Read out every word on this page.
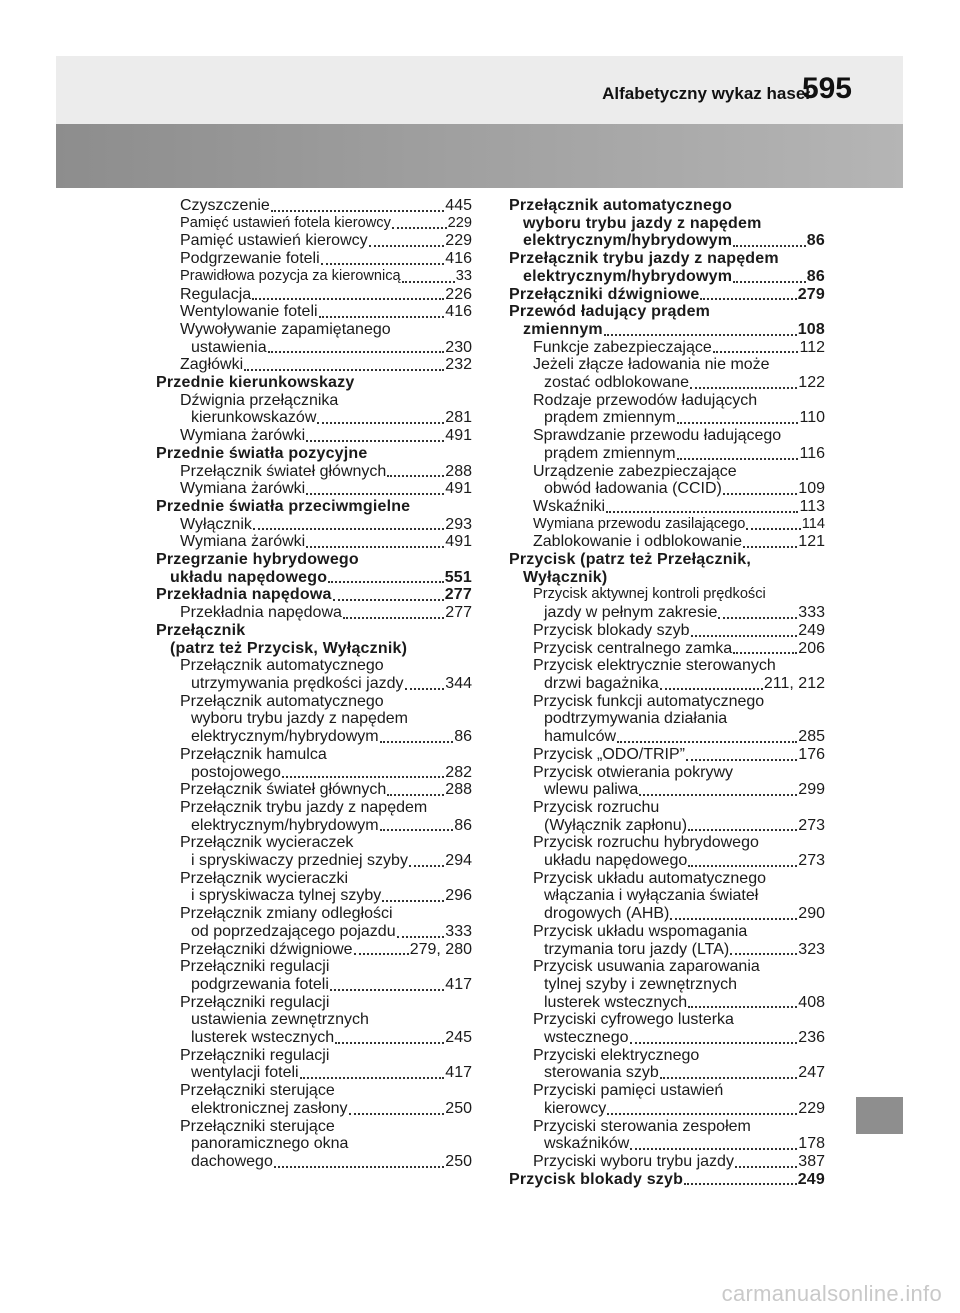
Alfabetyczny wykaz haseł
595
Czyszczenie	445
Pamięć ustawień fotela kierowcy	229
Pamięć ustawień kierowcy	229
Podgrzewanie foteli	416
Prawidłowa pozycja za kierownicą	33
Regulacja	226
Wentylowanie foteli	416
Wywoływanie zapamiętanego
ustawienia	230
Zagłówki	232
Przednie kierunkowskazy
Dźwignia przełącznika
kierunkowskazów	281
Wymiana żarówki	491
Przednie światła pozycyjne
Przełącznik świateł głównych	288
Wymiana żarówki	491
Przednie światła przeciwmgielne
Wyłącznik	293
Wymiana żarówki	491
Przegrzanie hybrydowego
układu napędowego	551
Przekładnia napędowa	277
Przekładnia napędowa	277
Przełącznik
(patrz też Przycisk, Wyłącznik)
Przełącznik automatycznego
utrzymywania prędkości jazdy	344
Przełącznik automatycznego
wyboru trybu jazdy z napędem
elektrycznym/hybrydowym	86
Przełącznik hamulca
postojowego	282
Przełącznik świateł głównych	288
Przełącznik trybu jazdy z napędem
elektrycznym/hybrydowym	86
Przełącznik wycieraczek
i spryskiwaczy przedniej szyby 294
Przełącznik wycieraczki
i spryskiwacza tylnej szyby	296
Przełącznik zmiany odległości
od poprzedzającego pojazdu	333
Przełączniki dźwigniowe	279, 280
Przełączniki regulacji
podgrzewania foteli	417
Przełączniki regulacji
ustawienia zewnętrznych
lusterek wstecznych	245
Przełączniki regulacji
wentylacji foteli	417
Przełączniki sterujące
elektronicznej zasłony	250
Przełączniki sterujące
panoramicznego okna
dachowego	250
Przełącznik automatycznego
wyboru trybu jazdy z napędem
elektrycznym/hybrydowym	86
Przełącznik trybu jazdy z napędem
elektrycznym/hybrydowym	86
Przełączniki dźwigniowe	279
Przewód ładujący prądem
zmiennym	108
Funkcje zabezpieczające	112
Jeżeli złącze ładowania nie może
zostać odblokowane	122
Rodzaje przewodów ładujących
prądem zmiennym	110
Sprawdzanie przewodu ładującego
prądem zmiennym	116
Urządzenie zabezpieczające
obwód ładowania (CCID)	109
Wskaźniki	113
Wymiana przewodu zasilającego	114
Zablokowanie i odblokowanie	121
Przycisk (patrz też Przełącznik,
Wyłącznik)
Przycisk aktywnej kontroli prędkości
jazdy w pełnym zakresie	333
Przycisk blokady szyb	249
Przycisk centralnego zamka	206
Przycisk elektrycznie sterowanych
drzwi bagażnika	211, 212
Przycisk funkcji automatycznego
podtrzymywania działania
hamulców	285
Przycisk „ODO/TRIP”	176
Przycisk otwierania pokrywy
wlewu paliwa	299
Przycisk rozruchu
(Wyłącznik zapłonu)	273
Przycisk rozruchu hybrydowego
układu napędowego	273
Przycisk układu automatycznego
włączania i wyłączania świateł
drogowych (AHB)	290
Przycisk układu wspomagania
trzymania toru jazdy (LTA)	323
Przycisk usuwania zaparowania
tylnej szyby i zewnętrznych
lusterek wstecznych	408
Przyciski cyfrowego lusterka
wstecznego	236
Przyciski elektrycznego
sterowania szyb	247
Przyciski pamięci ustawień
kierowcy	229
Przyciski sterowania zespołem
wskaźników	178
Przyciski wyboru trybu jazdy	387
Przycisk blokady szyb	249
carmanualsonline.info
